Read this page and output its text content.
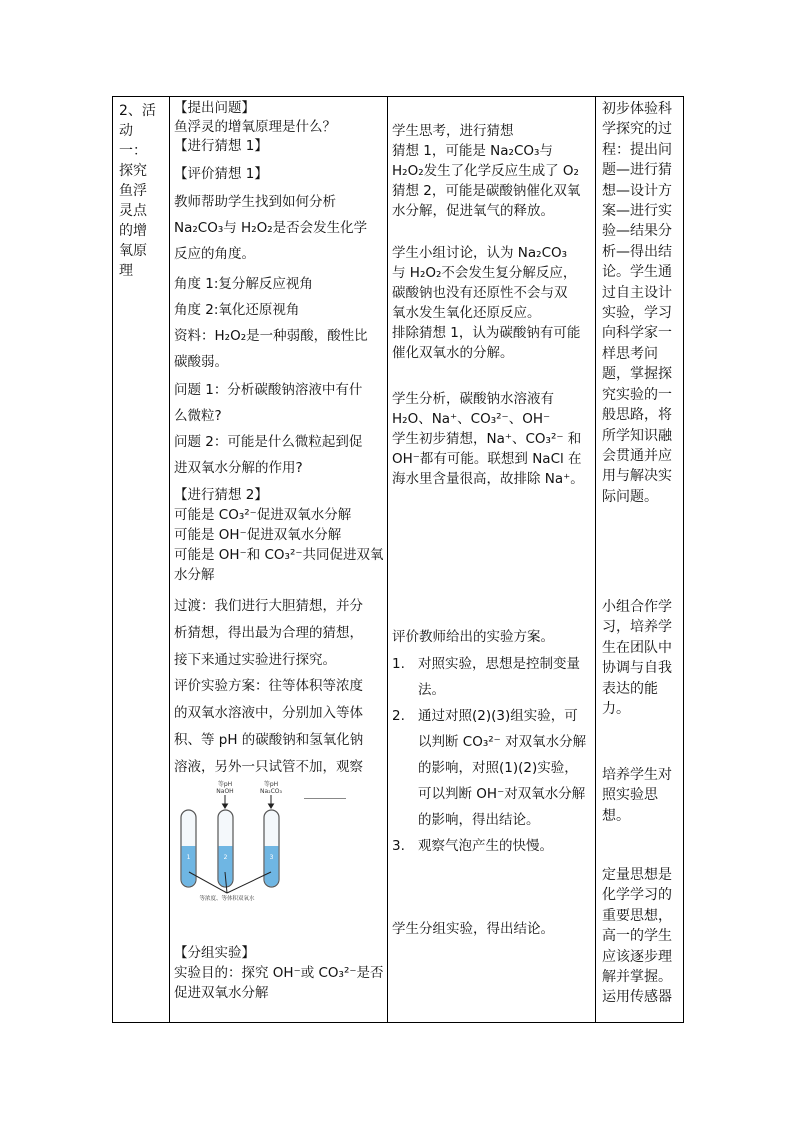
2、活
动
一：
探究
鱼浮
灵点
的增
氧原
理

【提出问题】
鱼浮灵的增氧原理是什么？
【进行猜想 1】
【评价猜想 1】
教师帮助学生找到如何分析
Na₂CO₃与 H₂O₂是否会发生化学
反应的角度。
角度 1:复分解反应视角
角度 2:氧化还原视角
资料：H₂O₂是一种弱酸，酸性比
碳酸弱。
问题 1：分析碳酸钠溶液中有什
么微粒?
问题 2：可能是什么微粒起到促
进双氧水分解的作用?
【进行猜想 2】
可能是 CO₃²⁻促进双氧水分解
可能是 OH⁻促进双氧水分解
可能是 OH⁻和 CO₃²⁻共同促进双氧
水分解
过渡：我们进行大胆猜想，并分
析猜想，得出最为合理的猜想，
接下来通过实验进行探究。
评价实验方案：往等体积等浓度
的双氧水溶液中，分别加入等体
积、等 pH 的碳酸钠和氢氧化钠
溶液，另外一只试管不加，观察
等pH
NaOH
等pH
Na₂CO₃
1	2	3
等浓度、等体积双氧水
【分组实验】
实验目的：探究 OH⁻或 CO₃²⁻是否
促进双氧水分解

学生思考，进行猜想
猜想 1，可能是 Na₂CO₃与
H₂O₂发生了化学反应生成了 O₂
猜想 2，可能是碳酸钠催化双氧
水分解，促进氧气的释放。
学生小组讨论，认为 Na₂CO₃
与 H₂O₂不会发生复分解反应，
碳酸钠也没有还原性不会与双
氧水发生氧化还原反应。
排除猜想 1，认为碳酸钠有可能
催化双氧水的分解。
学生分析，碳酸钠水溶液有
H₂O、Na⁺、CO₃²⁻、OH⁻
学生初步猜想，Na⁺、CO₃²⁻ 和
OH⁻都有可能。联想到 NaCl 在
海水里含量很高，故排除 Na⁺。
评价教师给出的实验方案。
1. 对照实验，思想是控制变量
法。
2. 通过对照(2)(3)组实验，可
以判断 CO₃²⁻ 对双氧水分解
的影响，对照(1)(2)实验，
可以判断 OH⁻对双氧水分解
的影响，得出结论。
3. 观察气泡产生的快慢。
学生分组实验，得出结论。

初步体验科
学探究的过
程：提出问
题—进行猜
想—设计方
案—进行实
验—结果分
析—得出结
论。学生通
过自主设计
实验，学习
向科学家一
样思考问
题，掌握探
究实验的一
般思路，将
所学知识融
会贯通并应
用与解决实
际问题。
小组合作学
习，培养学
生在团队中
协调与自我
表达的能
力。
培养学生对
照实验思
想。
定量思想是
化学学习的
重要思想，
高一的学生
应该逐步理
解并掌握。
运用传感器
